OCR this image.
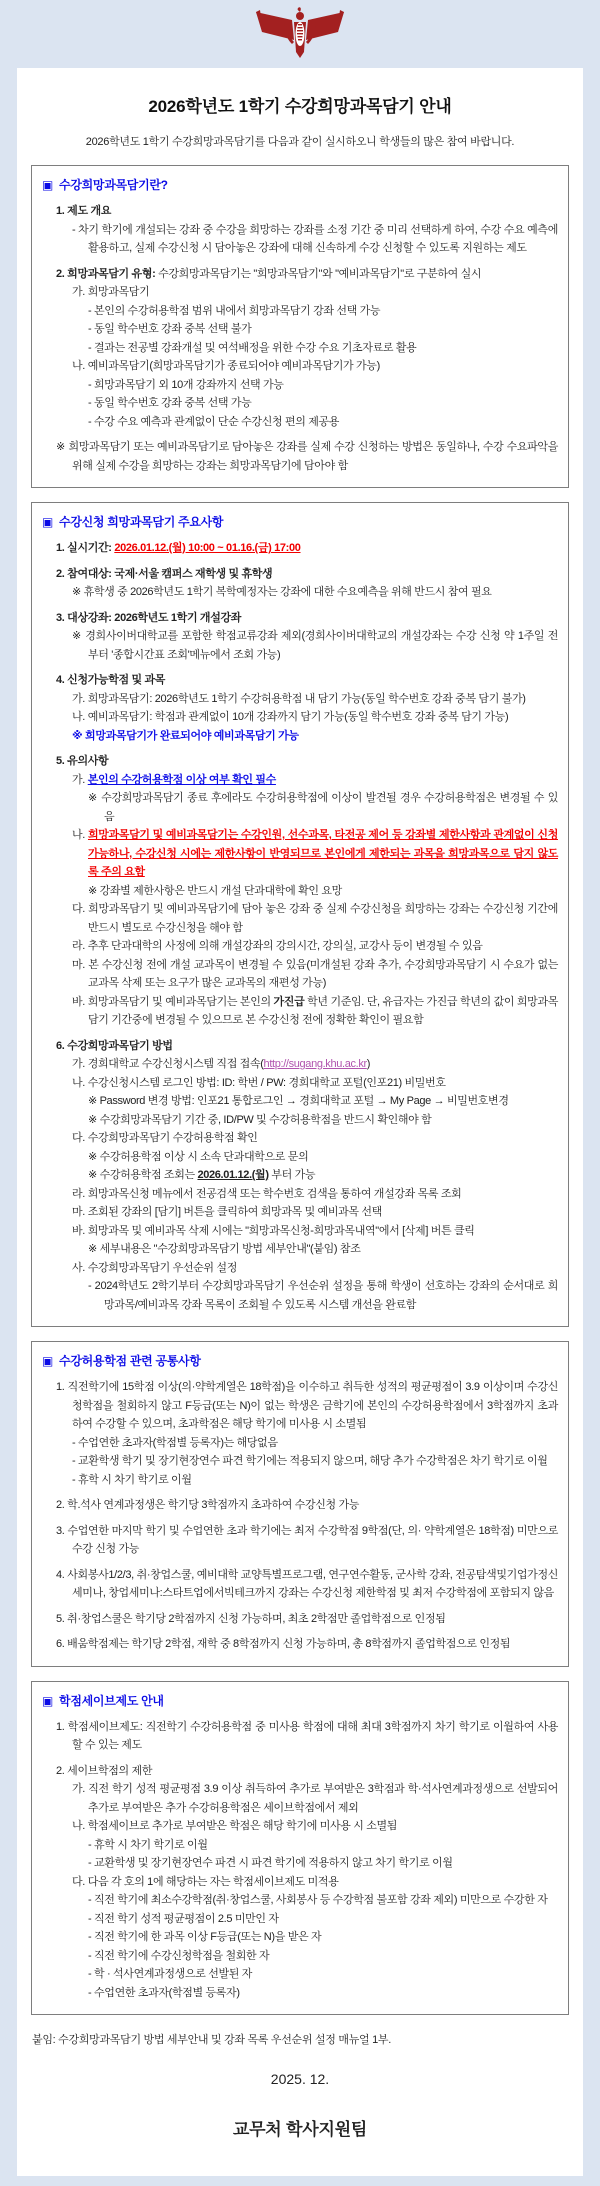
2026학년도 1학기 수강희망과목담기 안내

2026학년도 1학기 수강희망과목담기를 다음과 같이 실시하오니 학생들의 많은 참여 바랍니다.

▣ 수강희망과목담기란?
1. 제도 개요
- 차기 학기에 개설되는 강좌 중 수강을 희망하는 강좌를 소정 기간 중 미리 선택하게 하여, 수강 수요 예측에 활용하고, 실제 수강신청 시 담아놓은 강좌에 대해 신속하게 수강 신청할 수 있도록 지원하는 제도
2. 희망과목담기 유형: 수강희망과목담기는 "희망과목담기"와 "예비과목담기"로 구분하여 실시
가. 희망과목담기
- 본인의 수강허용학점 범위 내에서 희망과목담기 강좌 선택 가능
- 동일 학수번호 강좌 중복 선택 불가
- 결과는 전공별 강좌개설 및 여석배정을 위한 수강 수요 기초자료로 활용
나. 예비과목담기(희망과목담기가 종료되어야 예비과목담기가 가능)
- 희망과목담기 외 10개 강좌까지 선택 가능
- 동일 학수번호 강좌 중복 선택 가능
- 수강 수요 예측과 관계없이 단순 수강신청 편의 제공용
※ 희망과목담기 또는 예비과목담기로 담아놓은 강좌를 실제 수강 신청하는 방법은 동일하나, 수강 수요파악을 위해 실제 수강을 희망하는 강좌는 희망과목담기에 담아야 함
▣ 수강신청 희망과목담기 주요사항
1. 실시기간: 2026.01.12.(월) 10:00 ~ 01.16.(금) 17:00
2. 참여대상: 국제·서울 캠퍼스 재학생 및 휴학생
※ 휴학생 중 2026학년도 1학기 복학예정자는 강좌에 대한 수요예측을 위해 반드시 참여 필요
3. 대상강좌: 2026학년도 1학기 개설강좌
※ 경희사이버대학교를 포함한 학점교류강좌 제외(경희사이버대학교의 개설강좌는 수강 신청 약 1주일 전부터 '종합시간표 조회'메뉴에서 조회 가능)
4. 신청가능학점 및 과목
가. 희망과목담기: 2026학년도 1학기 수강허용학점 내 담기 가능(동일 학수번호 강좌 중복 담기 불가)
나. 예비과목담기: 학점과 관계없이 10개 강좌까지 담기 가능(동일 학수번호 강좌 중복 담기 가능)
※ 희망과목담기가 완료되어야 예비과목담기 가능
5. 유의사항
가. 본인의 수강허용학점 이상 여부 확인 필수
※ 수강희망과목담기 종료 후에라도 수강허용학점에 이상이 발견될 경우 수강허용학점은 변경될 수 있음
나. 희망과목담기 및 예비과목담기는 수강인원, 선수과목, 타전공 제어 등 강좌별 제한사항과 관계없이 신청 가능하나, 수강신청 시에는 제한사항이 반영되므로 본인에게 제한되는 과목을 희망과목으로 담지 않도록 주의 요함
※ 강좌별 제한사항은 반드시 개설 단과대학에 확인 요망
다. 희망과목담기 및 예비과목담기에 담아 놓은 강좌 중 실제 수강신청을 희망하는 강좌는 수강신청 기간에 반드시 별도로 수강신청을 해야 함
라. 추후 단과대학의 사정에 의해 개설강좌의 강의시간, 강의실, 교강사 등이 변경될 수 있음
마. 본 수강신청 전에 개설 교과목이 변경될 수 있음(미개설된 강좌 추가, 수강희망과목담기 시 수요가 없는 교과목 삭제 또는 요구가 많은 교과목의 재편성 가능)
바. 희망과목담기 및 예비과목담기는 본인의 가진급 학년 기준임. 단, 유급자는 가진급 학년의 값이 희망과목담기 기간중에 변경될 수 있으므로 본 수강신청 전에 정확한 확인이 필요함
6. 수강희망과목담기 방법
가. 경희대학교 수강신청시스템 직접 접속(http://sugang.khu.ac.kr)
나. 수강신청시스템 로그인 방법: ID: 학번 / PW: 경희대학교 포털(인포21) 비밀번호
※ Password 변경 방법: 인포21 통합로그인 → 경희대학교 포털 → My Page → 비밀번호변경
※ 수강희망과목담기 기간 중, ID/PW 및 수강허용학점을 반드시 확인해야 함
다. 수강희망과목담기 수강허용학점 확인
※ 수강허용학점 이상 시 소속 단과대학으로 문의
※ 수강허용학점 조회는 2026.01.12.(월) 부터 가능
라. 희망과목신청 메뉴에서 전공검색 또는 학수번호 검색을 통하여 개설강좌 목록 조회
마. 조회된 강좌의 [담기] 버튼을 클릭하여 희망과목 및 예비과목 선택
바. 희망과목 및 예비과목 삭제 시에는 "희망과목신청-희망과목내역"에서 [삭제] 버튼 클릭
※ 세부내용은 "수강희망과목담기 방법 세부안내"(붙임) 참조
사. 수강희망과목담기 우선순위 설정
- 2024학년도 2학기부터 수강희망과목담기 우선순위 설정을 통해 학생이 선호하는 강좌의 순서대로 희망과목/예비과목 강좌 목록이 조회될 수 있도록 시스템 개선을 완료함
▣ 수강허용학점 관련 공통사항
1. 직전학기에 15학점 이상(의·약학계열은 18학점)을 이수하고 취득한 성적의 평균평점이 3.9 이상이며 수강신청학점을 철회하지 않고 F등급(또는 N)이 없는 학생은 금학기에 본인의 수강허용학점에서 3학점까지 초과하여 수강할 수 있으며, 초과학점은 해당 학기에 미사용 시 소멸됨
- 수업연한 초과자(학점별 등록자)는 해당없음
- 교환학생 학기 및 장기현장연수 파견 학기에는 적용되지 않으며, 해당 추가 수강학점은 차기 학기로 이월
- 휴학 시 차기 학기로 이월
2. 학.석사 연계과정생은 학기당 3학점까지 초과하여 수강신청 가능
3. 수업연한 마지막 학기 및 수업연한 초과 학기에는 최저 수강학점 9학점(단, 의· 약학계열은 18학점) 미만으로 수강 신청 가능
4. 사회봉사1/2/3, 취·창업스쿨, 예비대학 교양특별프로그램, 연구연수활동, 군사학 강좌, 전공탐색및기업가정신 세미나, 창업세미나:스타트업에서빅테크까지 강좌는 수강신청 제한학점 및 최저 수강학점에 포함되지 않음
5. 취·창업스쿨은 학기당 2학점까지 신청 가능하며, 최초 2학점만 졸업학점으로 인정됨
6. 배움학점제는 학기당 2학점, 재학 중 8학점까지 신청 가능하며, 총 8학점까지 졸업학점으로 인정됨
▣ 학점세이브제도 안내
1. 학점세이브제도: 직전학기 수강허용학점 중 미사용 학점에 대해 최대 3학점까지 차기 학기로 이월하여 사용할 수 있는 제도
2. 세이브학점의 제한
가. 직전 학기 성적 평균평점 3.9 이상 취득하여 추가로 부여받은 3학점과 학·석사연계과정생으로 선발되어 추가로 부여받은 추가 수강허용학점은 세이브학점에서 제외
나. 학점세이브로 추가로 부여받은 학점은 해당 학기에 미사용 시 소멸됨
- 휴학 시 차기 학기로 이월
- 교환학생 및 장기현장연수 파견 시 파견 학기에 적용하지 않고 차기 학기로 이월
다. 다음 각 호의 1에 해당하는 자는 학점세이브제도 미적용
- 직전 학기에 최소수강학점(취·창업스쿨, 사회봉사 등 수강학점 불포함 강좌 제외) 미만으로 수강한 자
- 직전 학기 성적 평균평점이 2.5 미만인 자
- 직전 학기에 한 과목 이상 F등급(또는 N)을 받은 자
- 직전 학기에 수강신청학점을 철회한 자
- 학 · 석사연계과정생으로 선발된 자
- 수업연한 초과자(학점별 등록자)

붙임: 수강희망과목담기 방법 세부안내 및 강좌 목록 우선순위 설정 매뉴얼 1부.

2025. 12.

교무처 학사지원팀
